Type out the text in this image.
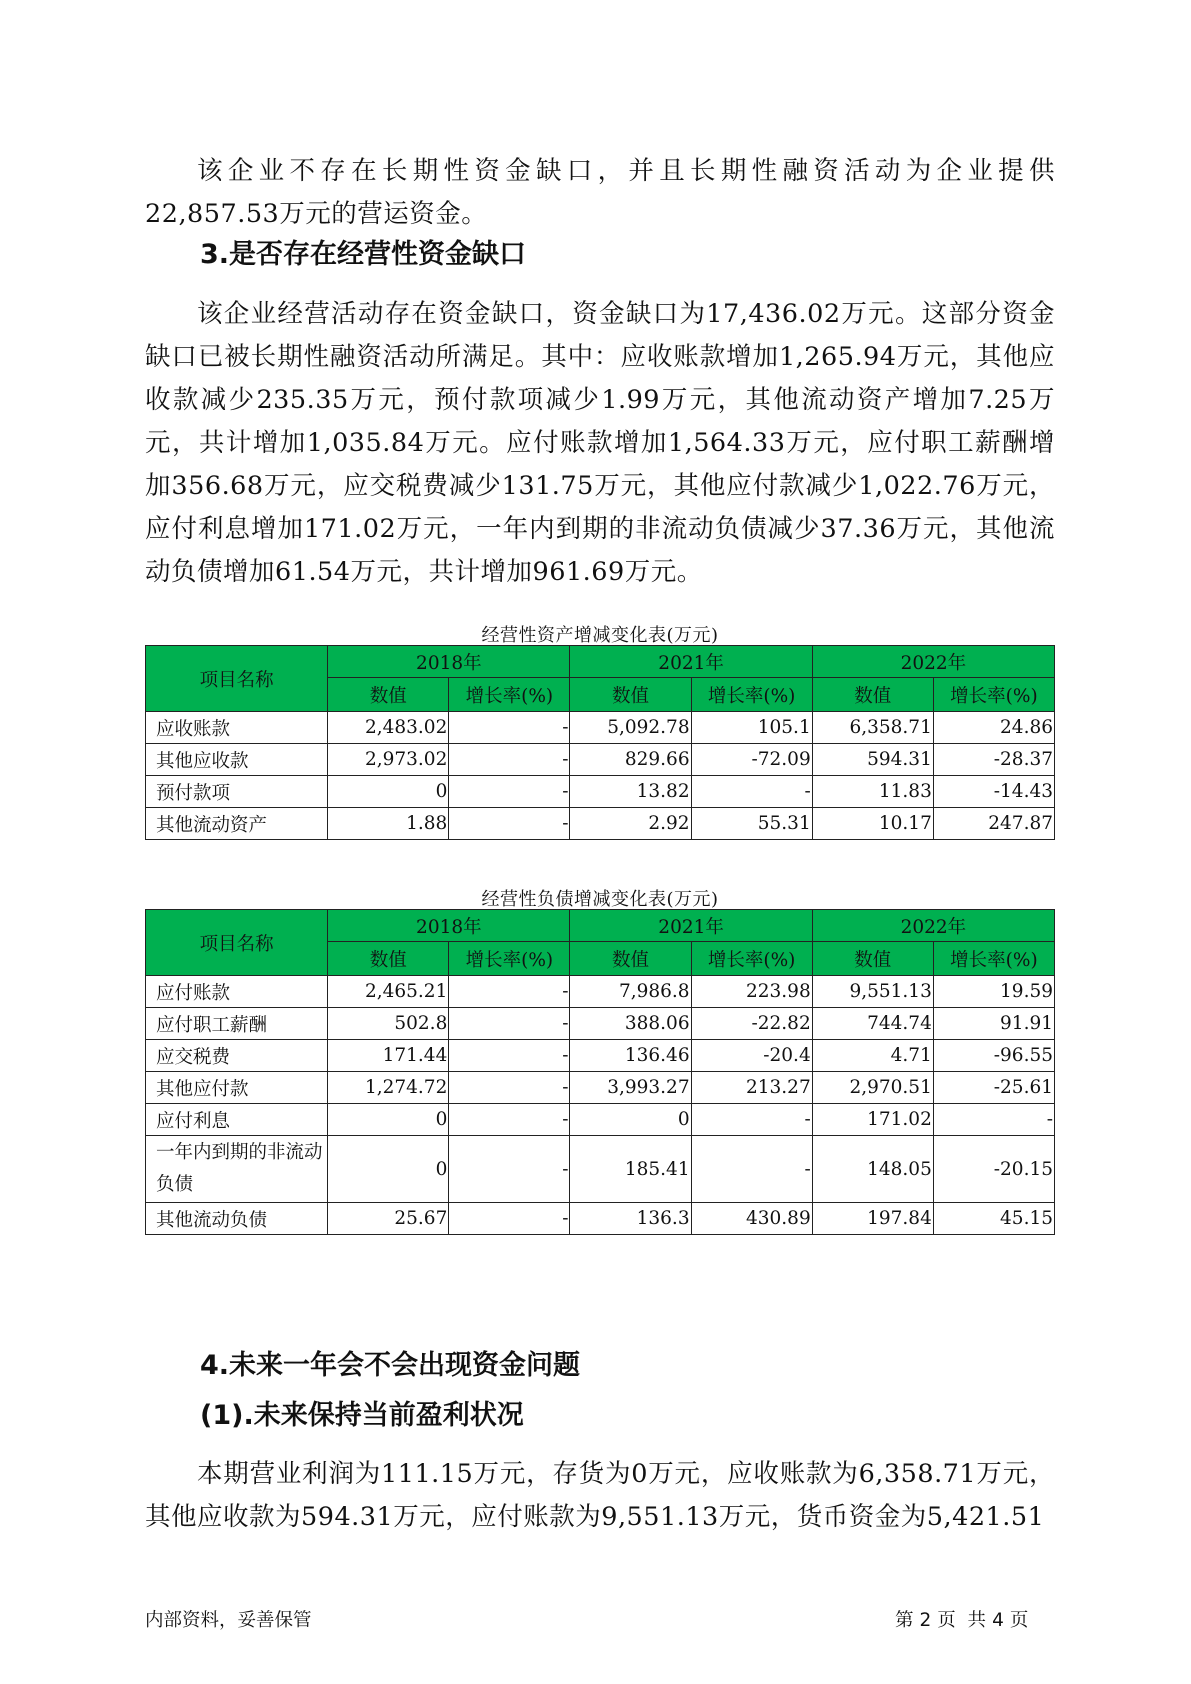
该企业不存在长期性资金缺口，并且长期性融资活动为企业提供22,857.53万元的营运资金。

3.是否存在经营性资金缺口

该企业经营活动存在资金缺口，资金缺口为17,436.02万元。这部分资金缺口已被长期性融资活动所满足。其中：应收账款增加1,265.94万元，其他应收款减少235.35万元，预付款项减少1.99万元，其他流动资产增加7.25万元，共计增加1,035.84万元。应付账款增加1,564.33万元，应付职工薪酬增加356.68万元，应交税费减少131.75万元，其他应付款减少1,022.76万元，应付利息增加171.02万元，一年内到期的非流动负债减少37.36万元，其他流动负债增加61.54万元，共计增加961.69万元。

经营性资产增减变化表(万元)

项目名称	2018年		2021年		2022年	
	数值	增长率(%)	数值	增长率(%)	数值	增长率(%)
应收账款	2,483.02	-	5,092.78	105.1	6,358.71	24.86
其他应收款	2,973.02	-	829.66	-72.09	594.31	-28.37
预付款项	0	-	13.82	-	11.83	-14.43
其他流动资产	1.88	-	2.92	55.31	10.17	247.87

经营性负债增减变化表(万元)

项目名称	2018年		2021年		2022年	
	数值	增长率(%)	数值	增长率(%)	数值	增长率(%)
应付账款	2,465.21	-	7,986.8	223.98	9,551.13	19.59
应付职工薪酬	502.8	-	388.06	-22.82	744.74	91.91
应交税费	171.44	-	136.46	-20.4	4.71	-96.55
其他应付款	1,274.72	-	3,993.27	213.27	2,970.51	-25.61
应付利息	0	-	0	-	171.02	-
一年内到期的非流动负债	0	-	185.41	-	148.05	-20.15
其他流动负债	25.67	-	136.3	430.89	197.84	45.15
4.未来一年会不会出现资金问题
(1).未来保持当前盈利状况

本期营业利润为111.15万元，存货为0万元，应收账款为6,358.71万元，其他应收款为594.31万元，应付账款为9,551.13万元，货币资金为5,421.51

内部资料，妥善保管	第 2 页  共 4 页
